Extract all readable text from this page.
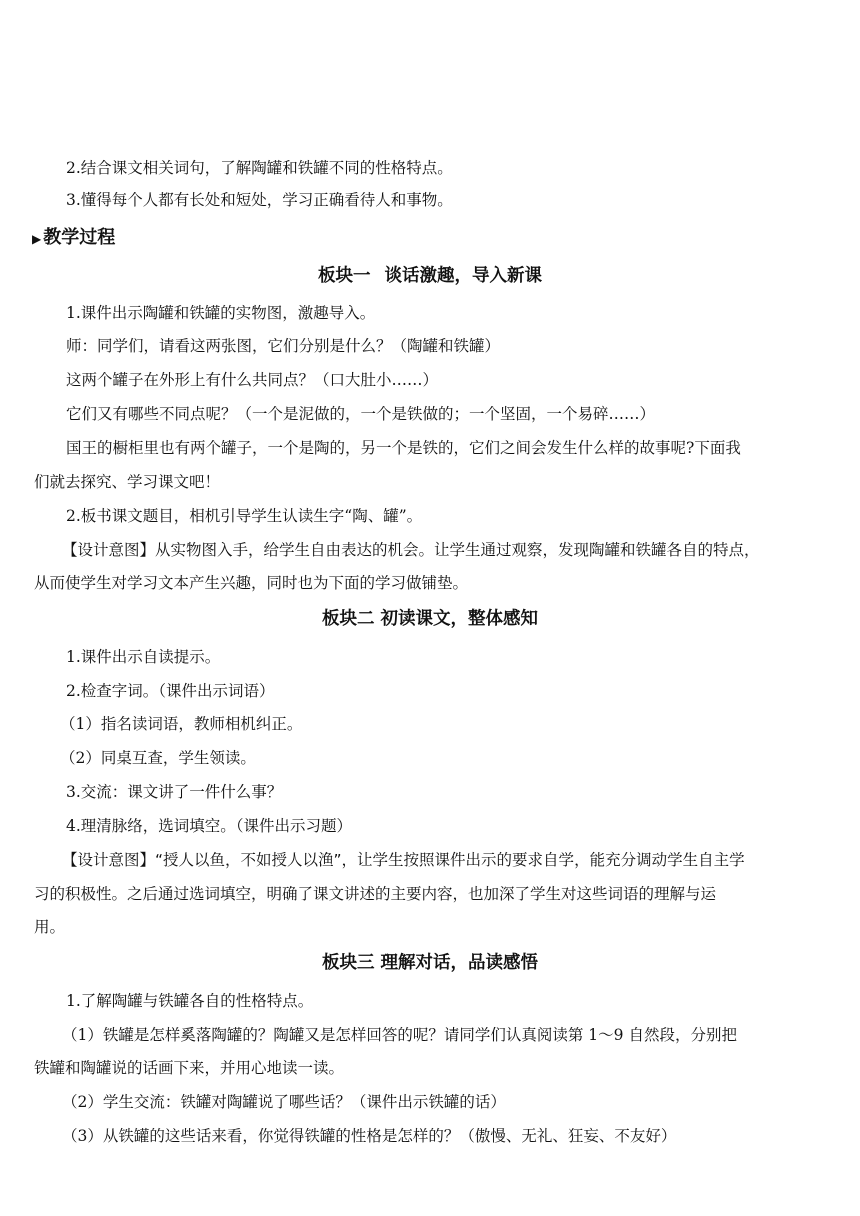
2.结合课文相关词句，了解陶罐和铁罐不同的性格特点。
3.懂得每个人都有长处和短处，学习正确看待人和事物。
▶ 教学过程
板块一 谈话激趣，导入新课
1.课件出示陶罐和铁罐的实物图，激趣导入。
师：同学们，请看这两张图，它们分别是什么？（陶罐和铁罐）
这两个罐子在外形上有什么共同点？（口大肚小……）
它们又有哪些不同点呢？（一个是泥做的，一个是铁做的；一个坚固，一个易碎……）
国王的橱柜里也有两个罐子，一个是陶的，另一个是铁的，它们之间会发生什么样的故事呢?下面我
们就去探究、学习课文吧！
2.板书课文题目，相机引导学生认读生字“陶、罐”。
【设计意图】从实物图入手，给学生自由表达的机会。让学生通过观察，发现陶罐和铁罐各自的特点，
从而使学生对学习文本产生兴趣，同时也为下面的学习做铺垫。
板块二 初读课文，整体感知
1.课件出示自读提示。
2.检查字词。（课件出示词语）
（1）指名读词语，教师相机纠正。
（2）同桌互查，学生领读。
3.交流：课文讲了一件什么事？
4.理清脉络，选词填空。（课件出示习题）
【设计意图】“授人以鱼，不如授人以渔”，让学生按照课件出示的要求自学，能充分调动学生自主学
习的积极性。之后通过选词填空，明确了课文讲述的主要内容，也加深了学生对这些词语的理解与运
用。
板块三 理解对话，品读感悟
1.了解陶罐与铁罐各自的性格特点。
（1）铁罐是怎样奚落陶罐的？陶罐又是怎样回答的呢？请同学们认真阅读第 1～9 自然段，分别把
铁罐和陶罐说的话画下来，并用心地读一读。
（2）学生交流：铁罐对陶罐说了哪些话？（课件出示铁罐的话）
（3）从铁罐的这些话来看，你觉得铁罐的性格是怎样的？（傲慢、无礼、狂妄、不友好）
